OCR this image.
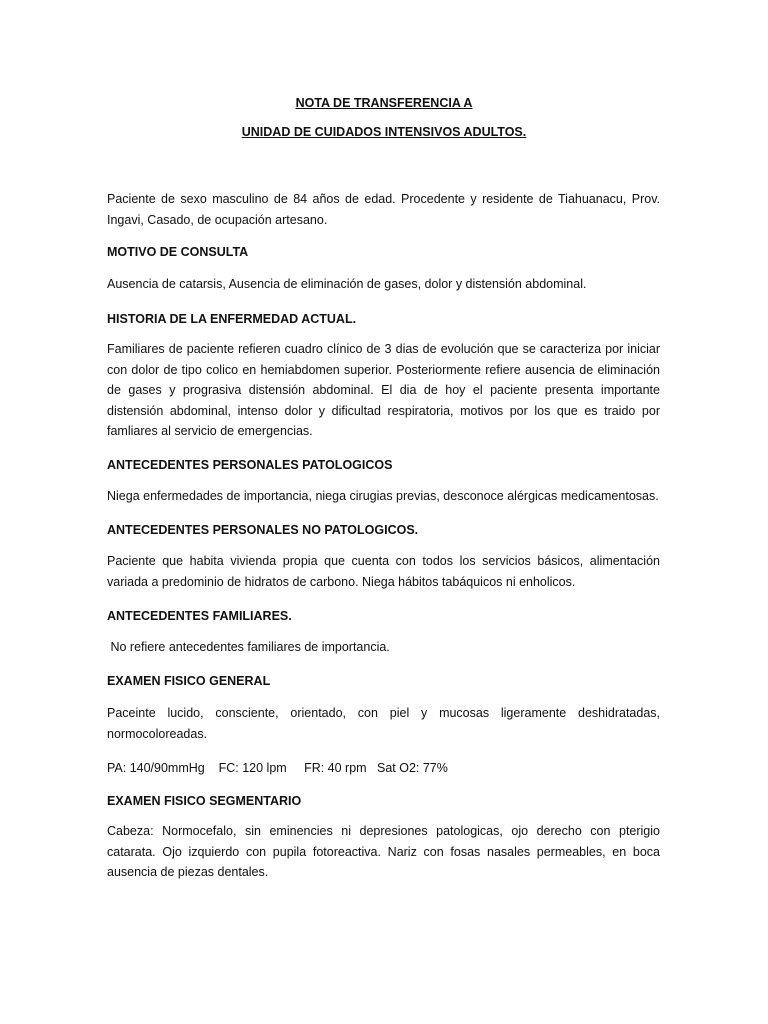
NOTA DE TRANSFERENCIA A
UNIDAD DE CUIDADOS INTENSIVOS ADULTOS.
Paciente de sexo masculino de 84 años de edad. Procedente y residente de Tiahuanacu, Prov. Ingavi, Casado, de ocupación artesano.
MOTIVO DE CONSULTA
Ausencia de catarsis, Ausencia de eliminación de gases, dolor y distensión abdominal.
HISTORIA DE LA ENFERMEDAD ACTUAL.
Familiares de paciente refieren cuadro clínico de 3 dias de evolución que se caracteriza por iniciar con dolor de tipo colico en hemiabdomen superior. Posteriormente refiere ausencia de eliminación de gases y prograsiva distensión abdominal. El dia de hoy el paciente presenta importante distensión abdominal, intenso dolor y dificultad respiratoria, motivos por los que es traido por famliares al servicio de emergencias.
ANTECEDENTES PERSONALES PATOLOGICOS
Niega enfermedades de importancia, niega cirugias previas, desconoce alérgicas medicamentosas.
ANTECEDENTES PERSONALES NO PATOLOGICOS.
Paciente que habita vivienda propia que cuenta con todos los servicios básicos, alimentación variada a predominio de hidratos de carbono. Niega hábitos tabáquicos ni enholicos.
ANTECEDENTES FAMILIARES.
No refiere antecedentes familiares de importancia.
EXAMEN FISICO GENERAL
Paceinte lucido, consciente, orientado, con piel y mucosas ligeramente deshidratadas, normocoloreadas.
PA: 140/90mmHg    FC: 120 lpm     FR: 40 rpm   Sat O2: 77%
EXAMEN FISICO SEGMENTARIO
Cabeza: Normocefalo, sin eminencies ni depresiones patologicas, ojo derecho con pterigio catarata. Ojo izquierdo con pupila fotoreactiva. Nariz con fosas nasales permeables, en boca ausencia de piezas dentales.
